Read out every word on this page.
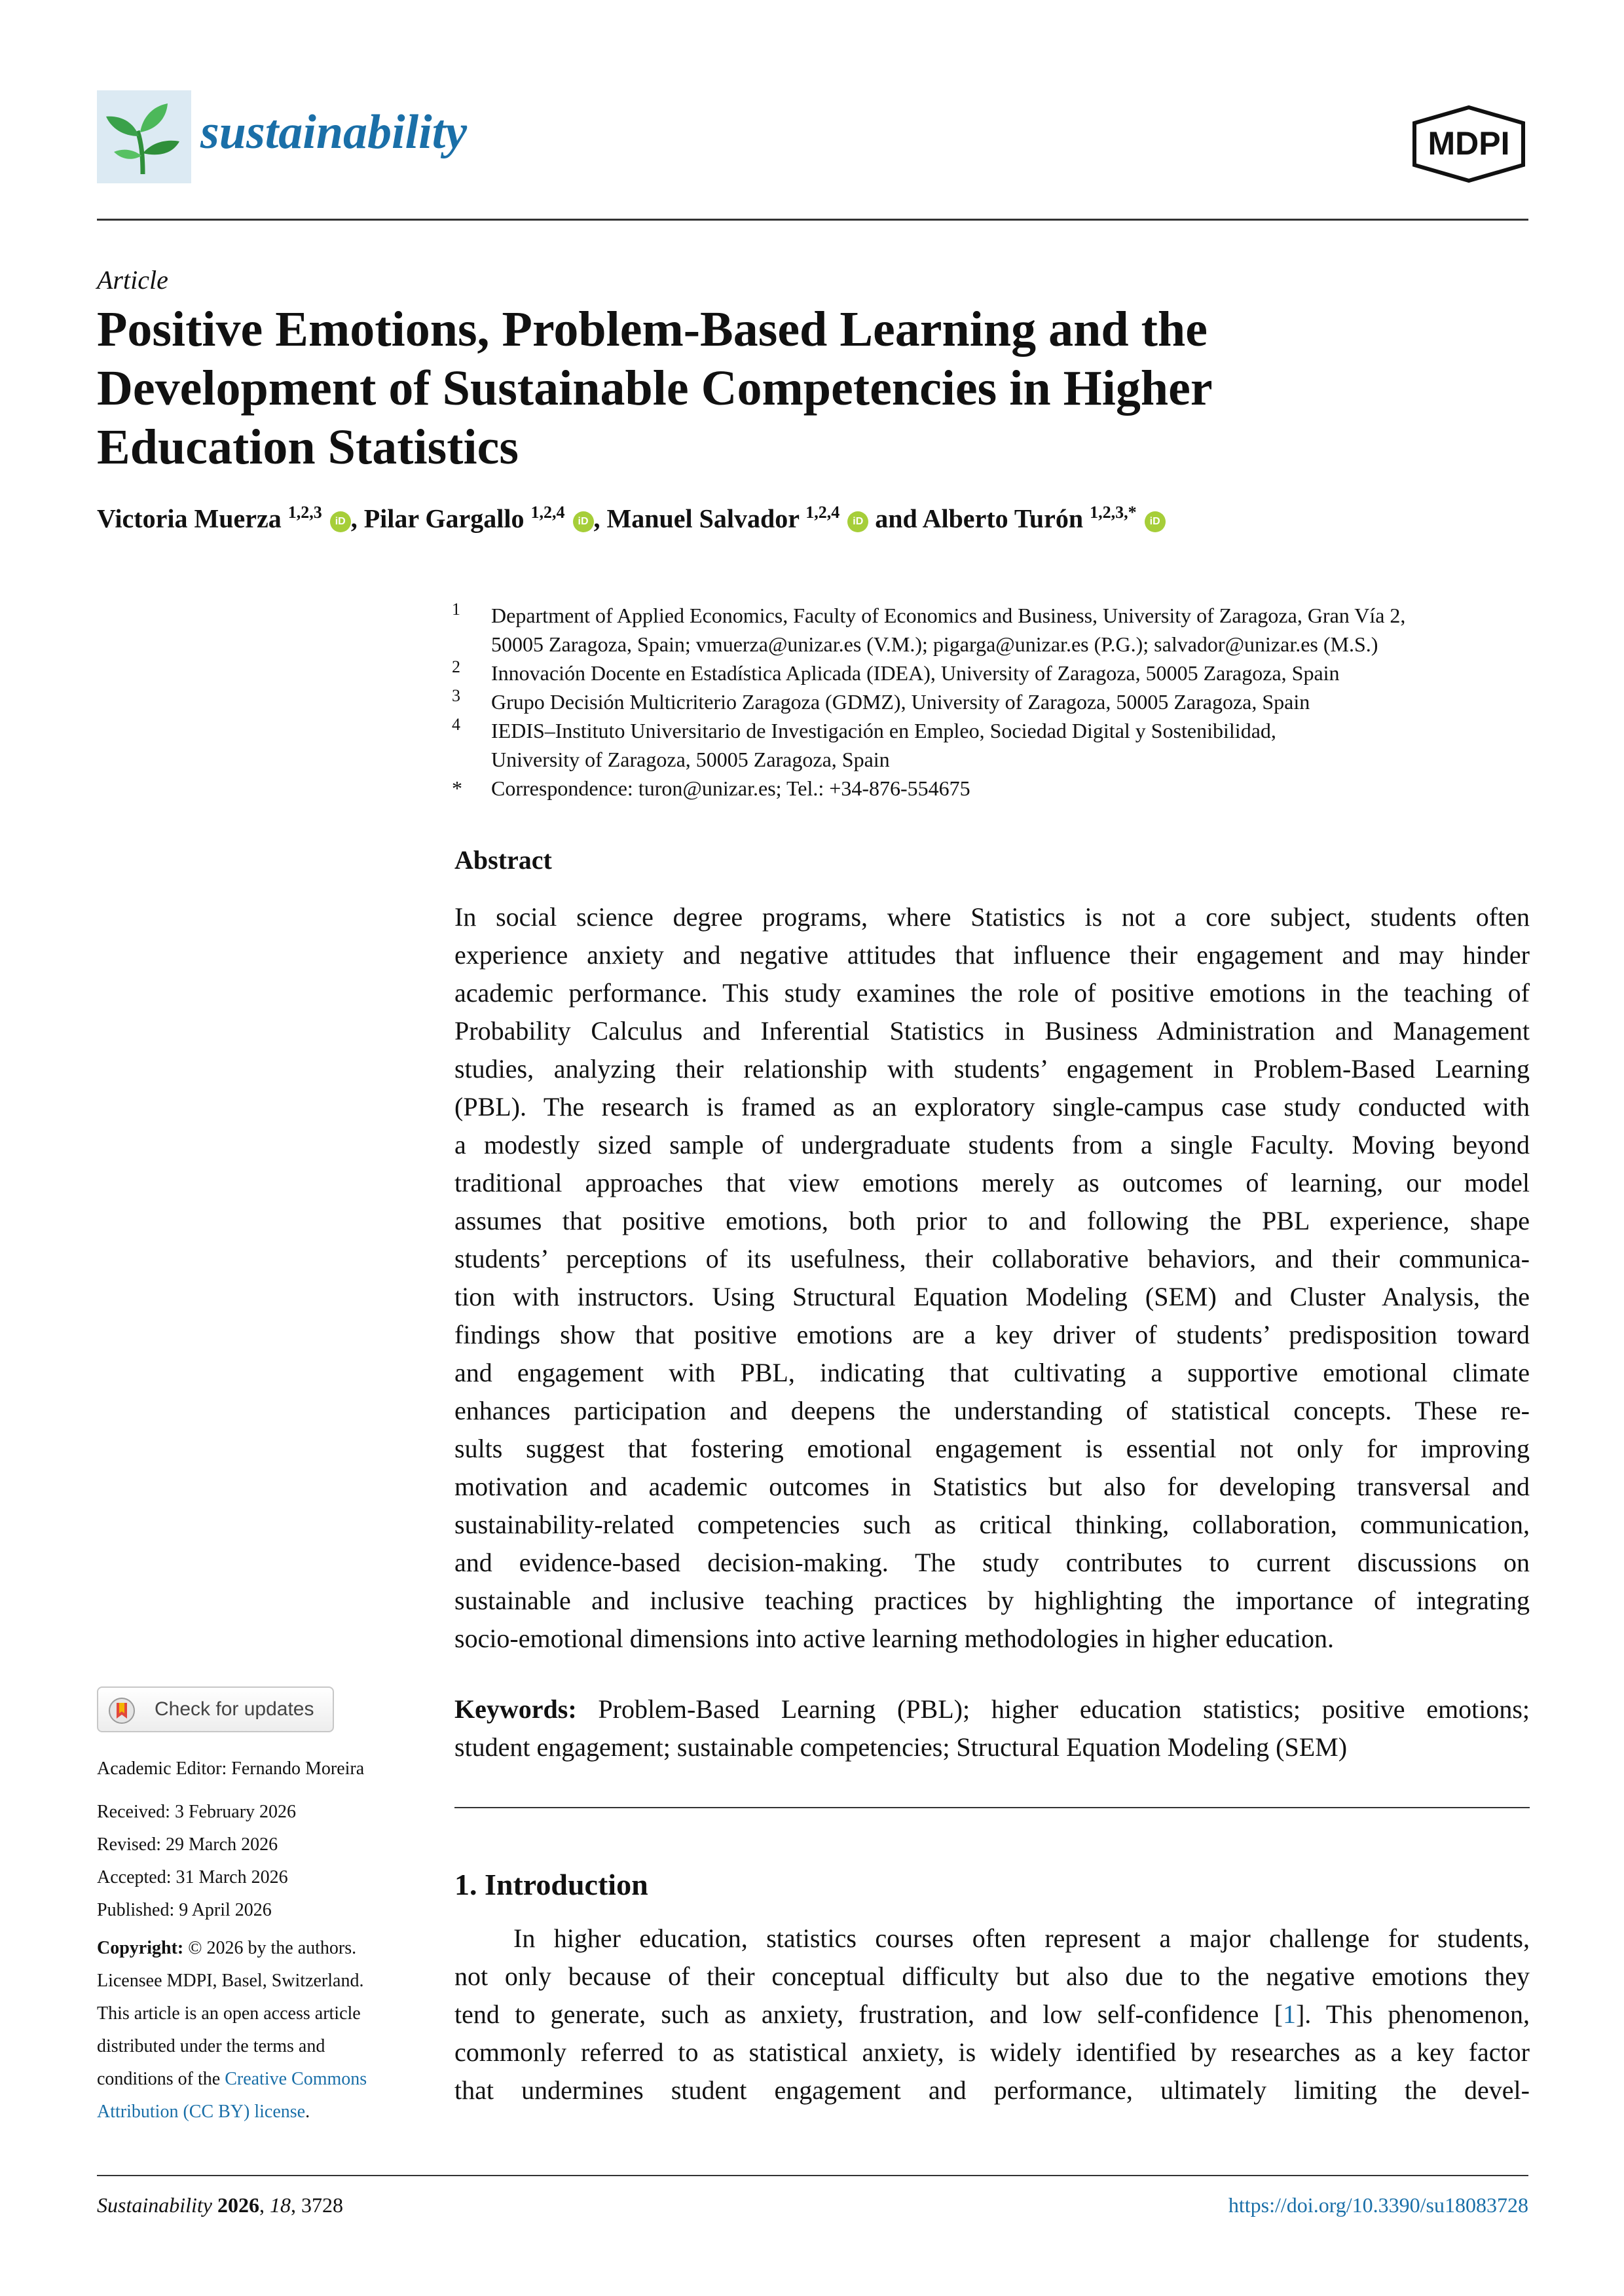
sustainability	MDPI
Article
Positive Emotions, Problem-Based Learning and the
Development of Sustainable Competencies in Higher
Education Statistics
Victoria Muerza $^{1,2,3}$ iD , Pilar Gargallo $^{1,2,4}$ iD , Manuel Salvador $^{1,2,4}$ iD and Alberto Turón $^{1,2,3,*}$ iD
1 Department of Applied Economics, Faculty of Economics and Business, University of Zaragoza, Gran Vía 2,
50005 Zaragoza, Spain; vmuerza@unizar.es (V.M.); pigarga@unizar.es (P.G.); salvador@unizar.es (M.S.)
2 Innovación Docente en Estadística Aplicada (IDEA), University of Zaragoza, 50005 Zaragoza, Spain
3 Grupo Decisión Multicriterio Zaragoza (GDMZ), University of Zaragoza, 50005 Zaragoza, Spain
4 IEDIS–Instituto Universitario de Investigación en Empleo, Sociedad Digital y Sostenibilidad,
University of Zaragoza, 50005 Zaragoza, Spain
* Correspondence: turon@unizar.es; Tel.: +34-876-554675
Abstract
In social science degree programs, where Statistics is not a core subject, students often
experience anxiety and negative attitudes that influence their engagement and may hinder
academic performance. This study examines the role of positive emotions in the teaching of
Probability Calculus and Inferential Statistics in Business Administration and Management
studies, analyzing their relationship with students’ engagement in Problem-Based Learning
(PBL). The research is framed as an exploratory single-campus case study conducted with
a modestly sized sample of undergraduate students from a single Faculty. Moving beyond
traditional approaches that view emotions merely as outcomes of learning, our model
assumes that positive emotions, both prior to and following the PBL experience, shape
students’ perceptions of its usefulness, their collaborative behaviors, and their communica-
tion with instructors. Using Structural Equation Modeling (SEM) and Cluster Analysis, the
findings show that positive emotions are a key driver of students’ predisposition toward
and engagement with PBL, indicating that cultivating a supportive emotional climate
enhances participation and deepens the understanding of statistical concepts. These re-
sults suggest that fostering emotional engagement is essential not only for improving
motivation and academic outcomes in Statistics but also for developing transversal and
sustainability-related competencies such as critical thinking, collaboration, communication,
and evidence-based decision-making. The study contributes to current discussions on
sustainable and inclusive teaching practices by highlighting the importance of integrating
socio-emotional dimensions into active learning methodologies in higher education.
Keywords: Problem-Based Learning (PBL); higher education statistics; positive emotions;
student engagement; sustainable competencies; Structural Equation Modeling (SEM)
1. Introduction
In higher education, statistics courses often represent a major challenge for students,
not only because of their conceptual difficulty but also due to the negative emotions they
tend to generate, such as anxiety, frustration, and low self-confidence [1]. This phenomenon,
commonly referred to as statistical anxiety, is widely identified by researches as a key factor
that undermines student engagement and performance, ultimately limiting the devel-
Check for updates
Academic Editor: Fernando Moreira
Received: 3 February 2026
Revised: 29 March 2026
Accepted: 31 March 2026
Published: 9 April 2026
Copyright: © 2026 by the authors.
Licensee MDPI, Basel, Switzerland.
This article is an open access article
distributed under the terms and
conditions of the Creative Commons
Attribution (CC BY) license.
Sustainability 2026, 18, 3728	https://doi.org/10.3390/su18083728
